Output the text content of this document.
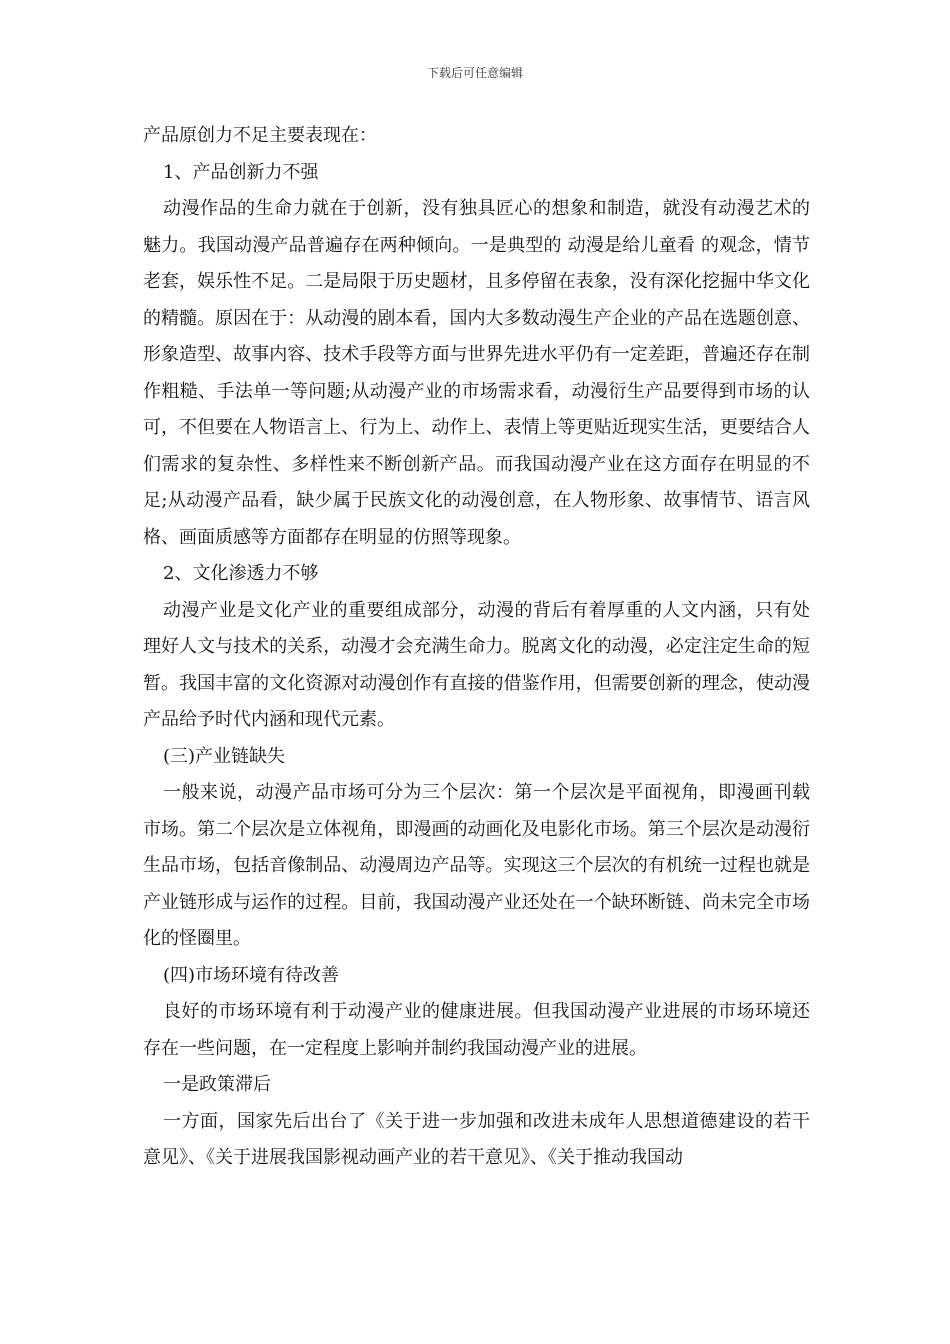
下载后可任意编辑

产品原创力不足主要表现在：

1、产品创新力不强

动漫作品的生命力就在于创新，没有独具匠心的想象和制造，就没有动漫艺术的魅力。我国动漫产品普遍存在两种倾向。一是典型的 动漫是给儿童看 的观念，情节老套，娱乐性不足。二是局限于历史题材，且多停留在表象，没有深化挖掘中华文化的精髓。原因在于：从动漫的剧本看，国内大多数动漫生产企业的产品在选题创意、形象造型、故事内容、技术手段等方面与世界先进水平仍有一定差距，普遍还存在制作粗糙、手法单一等问题;从动漫产业的市场需求看，动漫衍生产品要得到市场的认可，不但要在人物语言上、行为上、动作上、表情上等更贴近现实生活，更要结合人们需求的复杂性、多样性来不断创新产品。而我国动漫产业在这方面存在明显的不足;从动漫产品看，缺少属于民族文化的动漫创意，在人物形象、故事情节、语言风格、画面质感等方面都存在明显的仿照等现象。

2、文化渗透力不够

动漫产业是文化产业的重要组成部分，动漫的背后有着厚重的人文内涵，只有处理好人文与技术的关系，动漫才会充满生命力。脱离文化的动漫，必定注定生命的短暂。我国丰富的文化资源对动漫创作有直接的借鉴作用，但需要创新的理念，使动漫产品给予时代内涵和现代元素。

(三)产业链缺失

一般来说，动漫产品市场可分为三个层次：第一个层次是平面视角，即漫画刊载市场。第二个层次是立体视角，即漫画的动画化及电影化市场。第三个层次是动漫衍生品市场，包括音像制品、动漫周边产品等。实现这三个层次的有机统一过程也就是产业链形成与运作的过程。目前，我国动漫产业还处在一个缺环断链、尚未完全市场化的怪圈里。

(四)市场环境有待改善

良好的市场环境有利于动漫产业的健康进展。但我国动漫产业进展的市场环境还存在一些问题，在一定程度上影响并制约我国动漫产业的进展。

一是政策滞后

一方面，国家先后出台了《关于进一步加强和改进未成年人思想道德建设的若干意见》、《关于进展我国影视动画产业的若干意见》、《关于推动我国动
